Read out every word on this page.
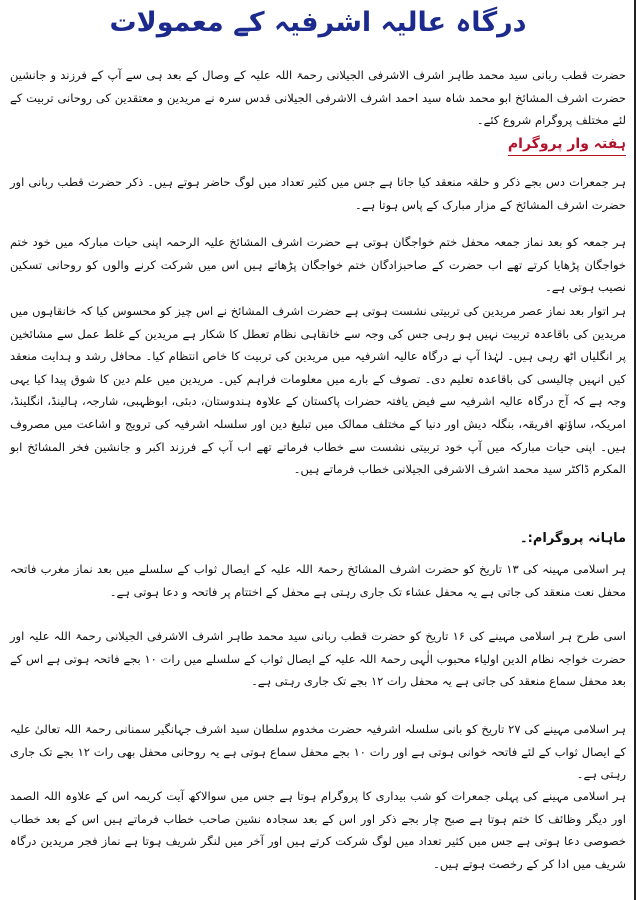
درگاہ عالیہ اشرفیہ کے معمولات
حضرت قطب ربانی سید محمد طاہر اشرف الاشرفی الجیلانی رحمۃ اللہ علیہ کے وصال کے بعد ہی سے آپ کے فرزند و جانشین حضرت اشرف المشائخ ابو محمد شاہ سید احمد اشرف الاشرفی الجیلانی قدس سرہ نے مریدین و معتقدین کی روحانی تربیت کے لئے مختلف پروگرام شروع کئے۔
ہفتہ وار پروگرام
ہر جمعرات دس بجے ذکر و حلقہ منعقد کیا جاتا ہے جس میں کثیر تعداد میں لوگ حاضر ہوتے ہیں۔ ذکر حضرت قطب ربانی اور حضرت اشرف المشائخ کے مزار مبارک کے پاس ہوتا ہے۔
ہر جمعہ کو بعد نماز جمعہ محفل ختم خواجگان ہوتی ہے حضرت اشرف المشائخ علیہ الرحمہ اپنی حیات مبارکہ میں خود ختم خواجگان پڑھایا کرتے تھے اب حضرت کے صاحبزادگان ختم خواجگان پڑھاتے ہیں اس میں شرکت کرنے والوں کو روحانی تسکین نصیب ہوتی ہے۔
ہر اتوار بعد نماز عصر مریدین کی تربیتی نشست ہوتی ہے حضرت اشرف المشائخ نے اس چیز کو محسوس کیا کہ خانقاہوں میں مریدین کی باقاعدہ تربیت نہیں ہو رہی جس کی وجہ سے خانقاہی نظام تعطل کا شکار ہے مریدین کے غلط عمل سے مشائخین پر انگلیاں اٹھ رہی ہیں۔ لہٰذا آپ نے درگاہ عالیہ اشرفیہ میں مریدین کی تربیت کا خاص انتظام کیا۔ محافل رشد و ہدایت منعقد کیں انہیں چالیسی کی باقاعدہ تعلیم دی۔ تصوف کے بارے میں معلومات فراہم کیں۔ مریدین میں علم دین کا شوق پیدا کیا یہی وجہ ہے کہ آج درگاہ عالیہ اشرفیہ سے فیض یافتہ حضرات پاکستان کے علاوہ ہندوستان، دبئی، ابوظہبی، شارجہ، ہالینڈ، انگلینڈ، امریکہ، ساؤتھ افریقہ، بنگلہ دیش اور دنیا کے مختلف ممالک میں تبلیغ دین اور سلسلہ اشرفیہ کی ترویج و اشاعت میں مصروف ہیں۔ اپنی حیات مبارکہ میں آپ خود تربیتی نشست سے خطاب فرماتے تھے اب آپ کے فرزند اکبر و جانشین فخر المشائخ ابو المکرم ڈاکٹر سید محمد اشرف الاشرفی الجیلانی خطاب فرماتے ہیں۔
ماہانہ پروگرام:۔
ہر اسلامی مہینہ کی ۱۳ تاریخ کو حضرت اشرف المشائخ رحمۃ اللہ علیہ کے ایصال ثواب کے سلسلے میں بعد نماز مغرب فاتحہ محفل نعت منعقد کی جاتی ہے یہ محفل عشاء تک جاری رہتی ہے محفل کے اختتام پر فاتحہ و دعا ہوتی ہے۔
اسی طرح ہر اسلامی مہینے کی ۱۶ تاریخ کو حضرت قطب ربانی سید محمد طاہر اشرف الاشرفی الجیلانی رحمۃ اللہ علیہ اور حضرت خواجہ نظام الدین اولیاء محبوب الٰہی رحمۃ اللہ علیہ کے ایصال ثواب کے سلسلے میں رات ۱۰ بجے فاتحہ ہوتی ہے اس کے بعد محفل سماع منعقد کی جاتی ہے یہ محفل رات ۱۲ بجے تک جاری رہتی ہے۔
ہر اسلامی مہینے کی ۲۷ تاریخ کو بانی سلسلہ اشرفیہ حضرت مخدوم سلطان سید اشرف جہانگیر سمنانی رحمۃ اللہ تعالیٰ علیہ کے ایصال ثواب کے لئے فاتحہ خوانی ہوتی ہے اور رات ۱۰ بجے محفل سماع ہوتی ہے یہ روحانی محفل بھی رات ۱۲ بجے تک جاری رہتی ہے۔
ہر اسلامی مہینے کی پہلی جمعرات کو شب بیداری کا پروگرام ہوتا ہے جس میں سوالاکھ آیت کریمہ اس کے علاوہ اللہ الصمد اور دیگر وظائف کا ختم ہوتا ہے صبح چار بجے ذکر اور اس کے بعد سجادہ نشین صاحب خطاب فرماتے ہیں اس کے بعد خطاب خصوصی دعا ہوتی ہے جس میں کثیر تعداد میں لوگ شرکت کرتے ہیں اور آخر میں لنگر شریف ہوتا ہے نماز فجر مریدین درگاہ شریف میں ادا کر کے رخصت ہوتے ہیں۔
